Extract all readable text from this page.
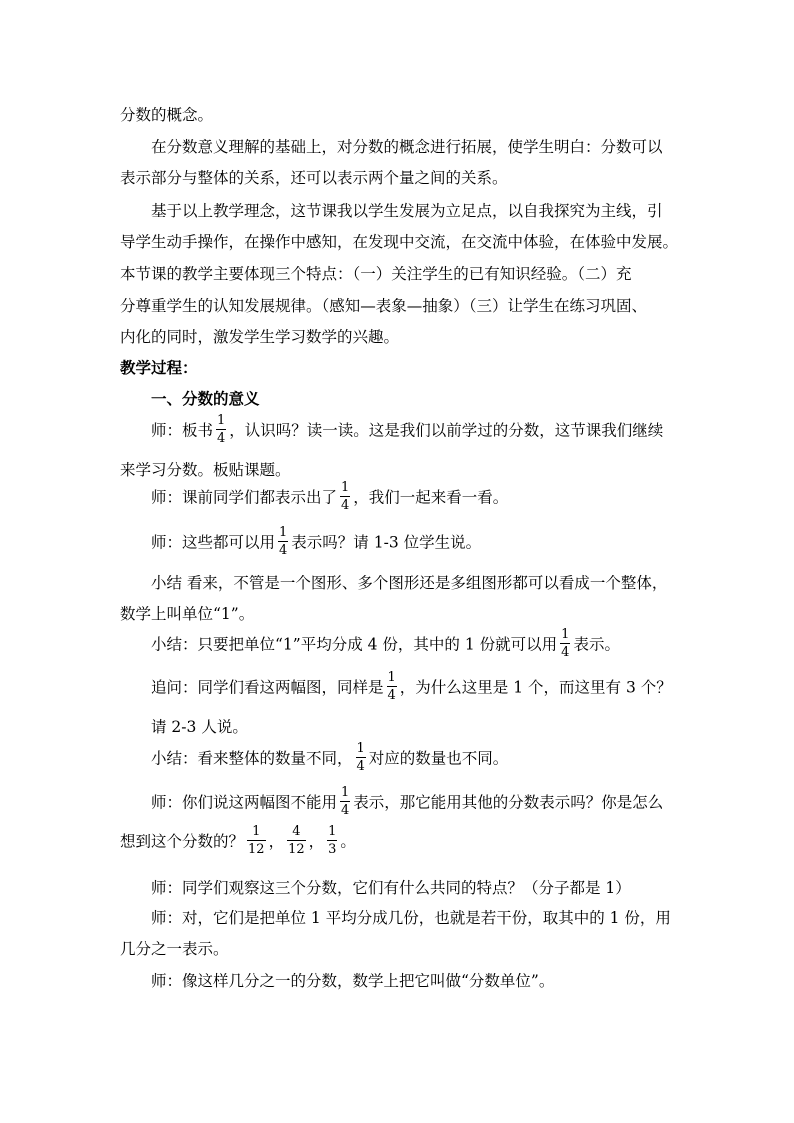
分数的概念。
在分数意义理解的基础上，对分数的概念进行拓展，使学生明白：分数可以
表示部分与整体的关系，还可以表示两个量之间的关系。
基于以上教学理念，这节课我以学生发展为立足点，以自我探究为主线，引
导学生动手操作，在操作中感知，在发现中交流，在交流中体验，在体验中发展。
本节课的教学主要体现三个特点：（一）关注学生的已有知识经验。（二）充
分尊重学生的认知发展规律。（感知—表象—抽象）（三）让学生在练习巩固、
内化的同时，激发学生学习数学的兴趣。
教学过程：
一、分数的意义
师：板书 $\frac{1}{4}$ ，认识吗？读一读。这是我们以前学过的分数，这节课我们继续
来学习分数。板贴课题。
师：课前同学们都表示出了 $\frac{1}{4}$ ，我们一起来看一看。
师：这些都可以用 $\frac{1}{4}$ 表示吗？请 1-3 位学生说。
小结 看来，不管是一个图形、多个图形还是多组图形都可以看成一个整体，
数学上叫单位“1”。
小结：只要把单位“1”平均分成 4 份，其中的 1 份就可以用 $\frac{1}{4}$ 表示。
追问：同学们看这两幅图，同样是 $\frac{1}{4}$ ，为什么这里是 1 个，而这里有 3 个？
请 2-3 人说。
小结：看来整体的数量不同， $\frac{1}{4}$ 对应的数量也不同。
师：你们说这两幅图不能用 $\frac{1}{4}$ 表示，那它能用其他的分数表示吗？你是怎么
想到这个分数的？ $\frac{1}{12}$ ， $\frac{4}{12}$ ， $\frac{1}{3}$ 。
师：同学们观察这三个分数，它们有什么共同的特点？（分子都是 1）
师：对，它们是把单位 1 平均分成几份，也就是若干份，取其中的 1 份，用
几分之一表示。
师：像这样几分之一的分数，数学上把它叫做“分数单位”。
